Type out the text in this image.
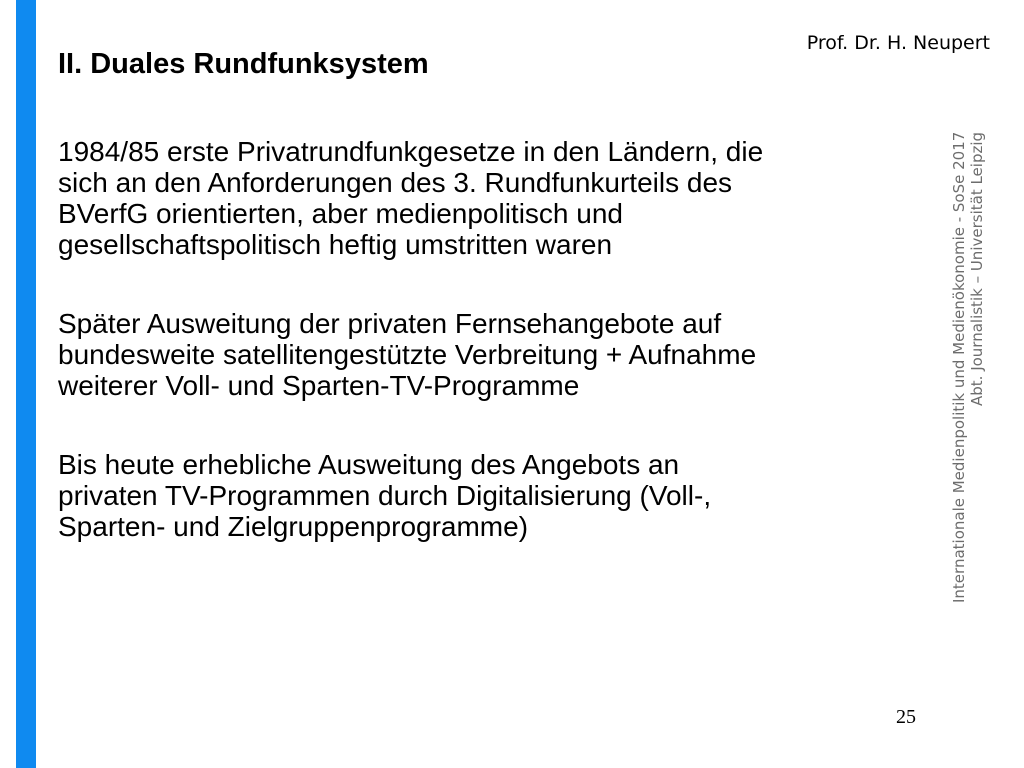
Prof. Dr. H. Neupert
II. Duales Rundfunksystem

1984/85 erste Privatrundfunkgesetze in den Ländern, die
sich an den Anforderungen des 3. Rundfunkurteils des
BVerfG orientierten, aber medienpolitisch und
gesellschaftspolitisch heftig umstritten waren

Später Ausweitung der privaten Fernsehangebote auf
bundesweite satellitengestützte Verbreitung + Aufnahme
weiterer Voll- und Sparten-TV-Programme

Bis heute erhebliche Ausweitung des Angebots an
privaten TV-Programmen durch Digitalisierung (Voll-,
Sparten- und Zielgruppenprogramme)	Internationale Medienpolitik und Medienökonomie - SoSe 2017 Abt. Journalistik – Universität Leipzig
25
